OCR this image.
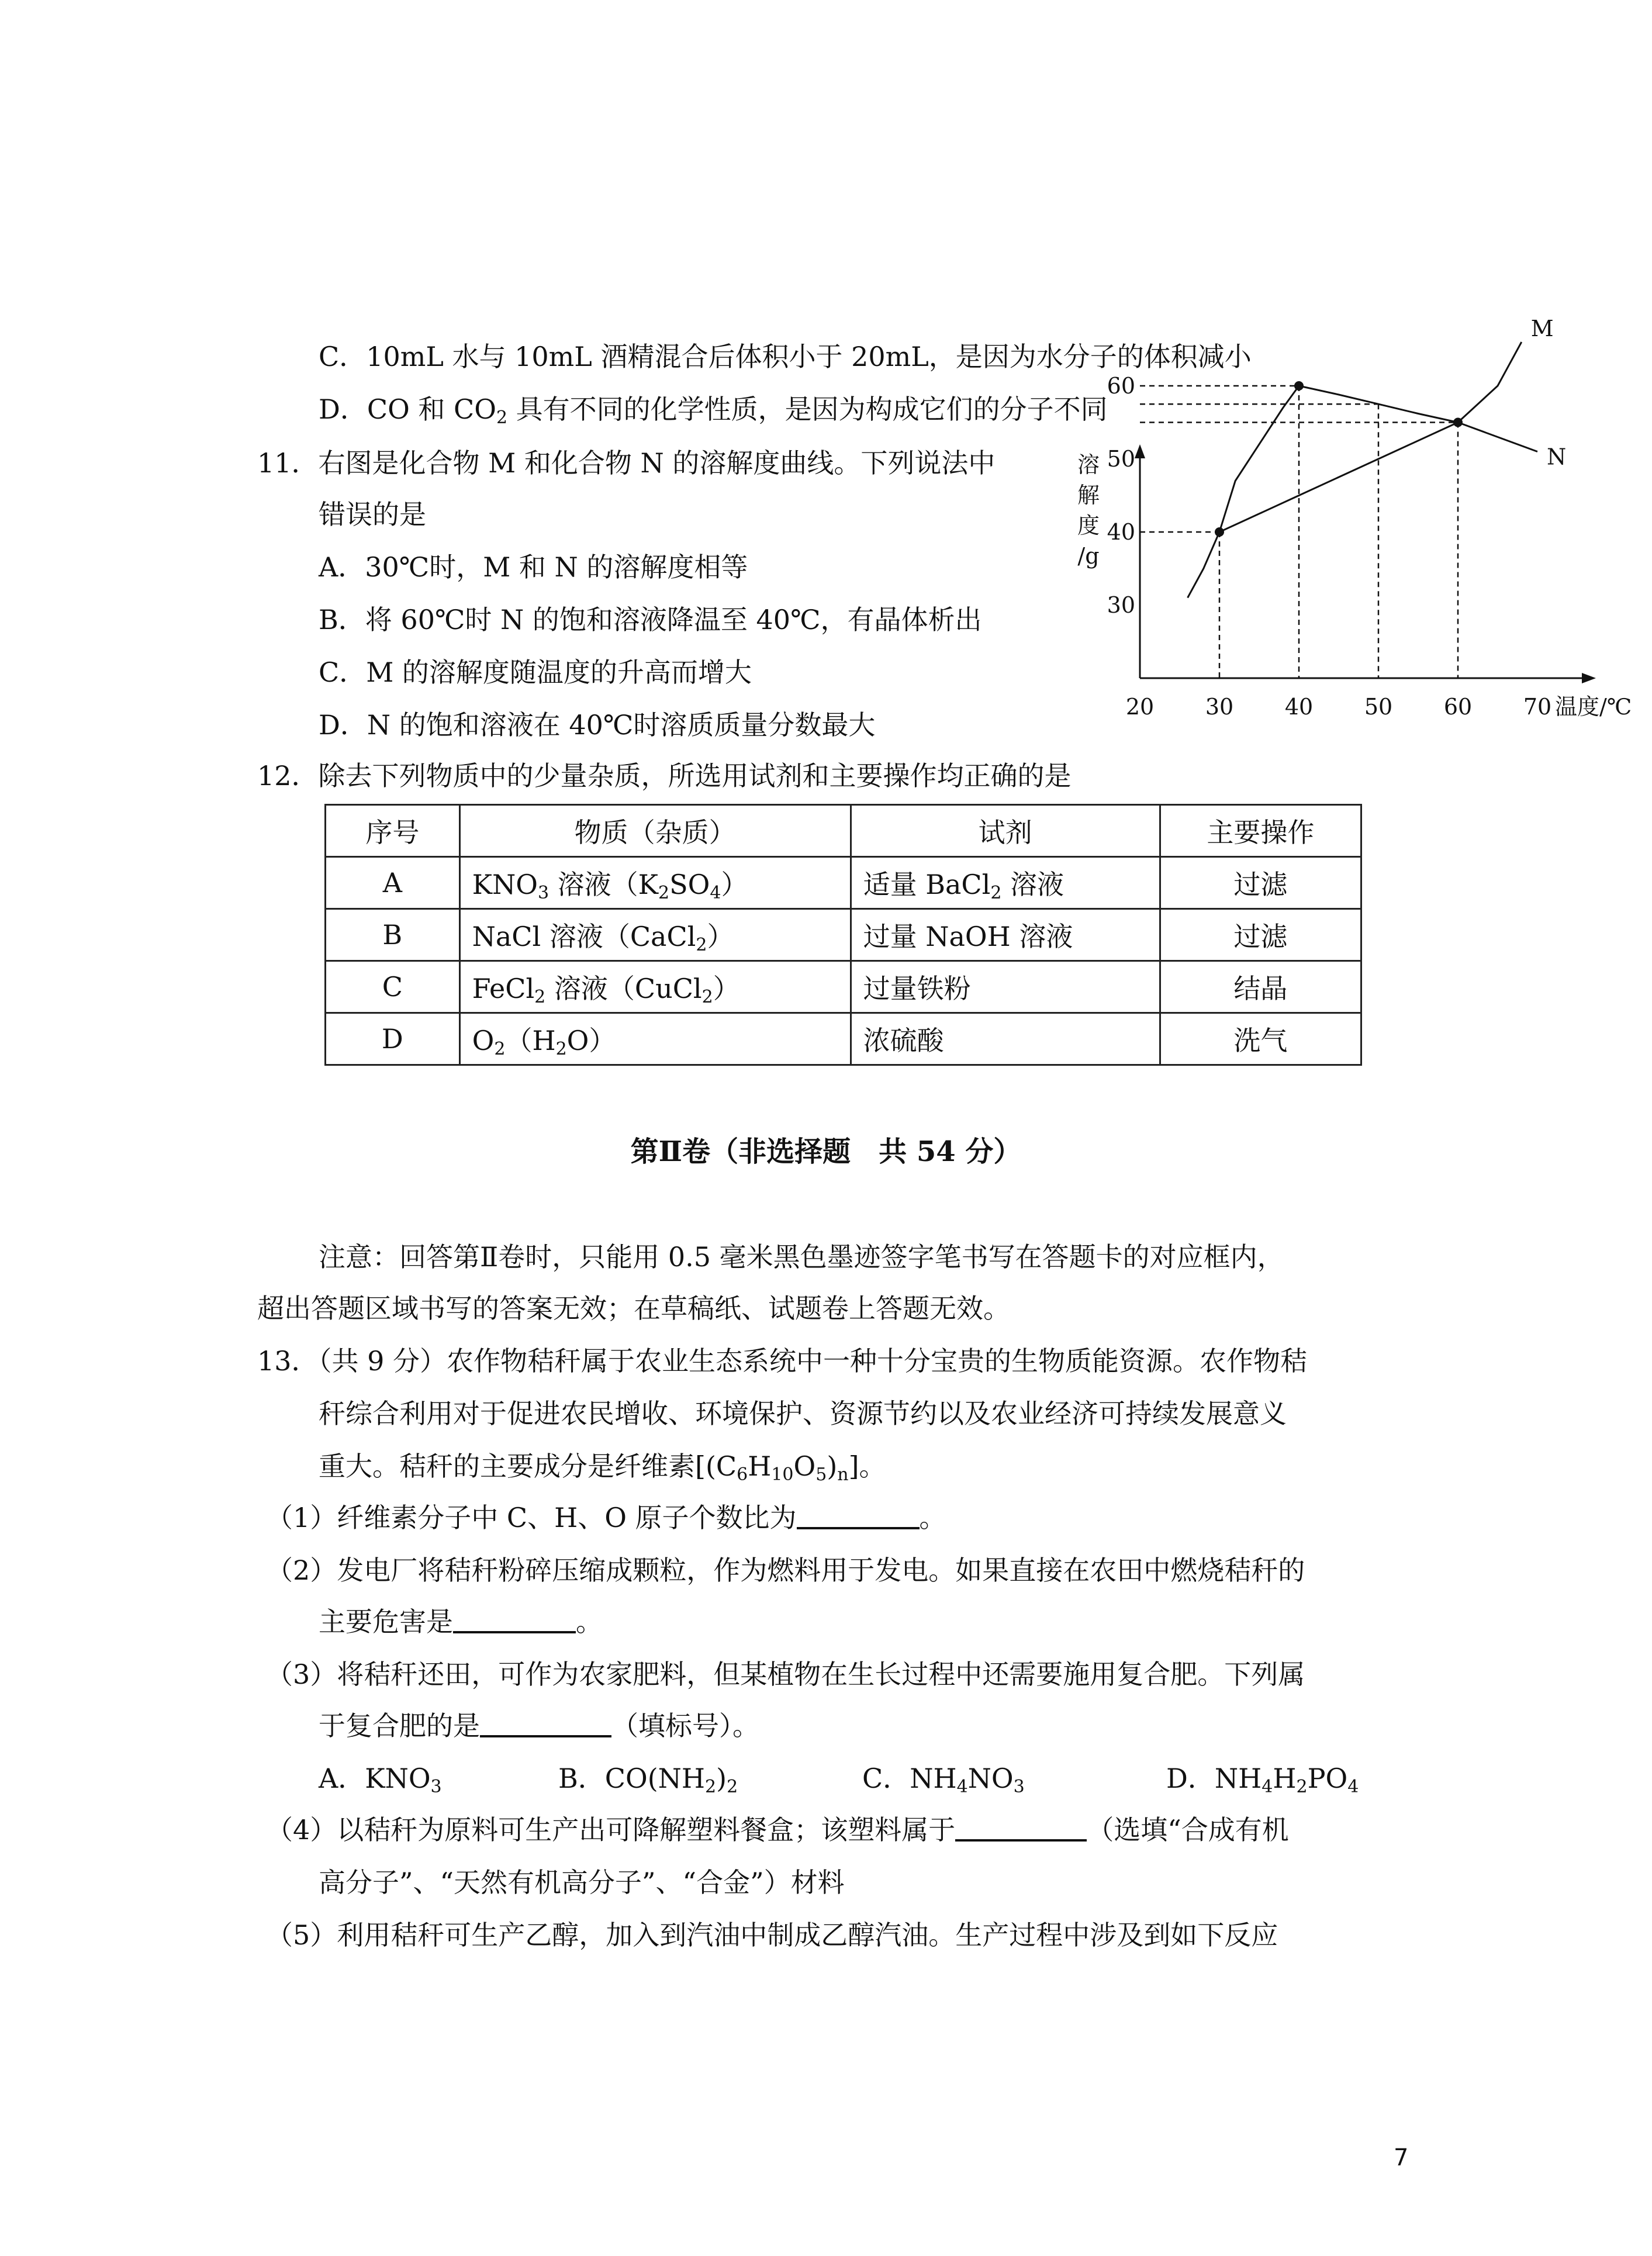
C．10mL 水与 10mL 酒精混合后体积小于 20mL，是因为水分子的体积减小
D．CO 和 $CO_2$ 具有不同的化学性质，是因为构成它们的分子不同
11．右图是化合物 M 和化合物 N 的溶解度曲线。下列说法中
错误的是
A．30℃时，M 和 N 的溶解度相等
B．将 60℃时 N 的饱和溶液降温至 40℃，有晶体析出
C．M 的溶解度随温度的升高而增大
D．N 的饱和溶液在 40℃时溶质质量分数最大
溶
解
度
/g
温度/℃
20 30 40 50 60 70
30
40
50
60
M
N
12．除去下列物质中的少量杂质，所选用试剂和主要操作均正确的是
序号	物质（杂质）	试剂	主要操作
A	$KNO_3$ 溶液$(K_2SO_4)$	适量 BaCl$_2$ 溶液	过滤
B	NaCl 溶液（CaCl$_2$）	过量 NaOH 溶液	过滤
C	FeCl$_2$ 溶液（CuCl$_2$）	过量铁粉	结晶
D	$O_2(H_2O)$	浓硫酸	洗气
第Ⅱ卷（非选择题　共 54 分）
注意：回答第Ⅱ卷时，只能用 0.5 毫米黑色墨迹签字笔书写在答题卡的对应框内，
超出答题区域书写的答案无效；在草稿纸、试题卷上答题无效。
13．（共 9 分）农作物秸秆属于农业生态系统中一种十分宝贵的生物质能资源。农作物秸
秆综合利用对于促进农民增收、环境保护、资源节约以及农业经济可持续发展意义
重大。秸秆的主要成分是纤维素$[(C_6H_{10}O_5)_n]$。
（1）纤维素分子中 C、H、O 原子个数比为	。
（2）发电厂将秸秆粉碎压缩成颗粒，作为燃料用于发电。如果直接在农田中燃烧秸秆的
主要危害是	。
（3）将秸秆还田，可作为农家肥料，但某植物在生长过程中还需要施用复合肥。下列属
于复合肥的是	（填标号）。
A．$KNO_3$	B．$CO(NH_2)_2$	C．$NH_4NO_3$	D．$NH_4H_2PO_4$
（4）以秸秆为原料可生产出可降解塑料餐盒；该塑料属于	（选填“合成有机
高分子”、“天然有机高分子”、“合金”）材料
（5）利用秸秆可生产乙醇，加入到汽油中制成乙醇汽油。生产过程中涉及到如下反应
7
